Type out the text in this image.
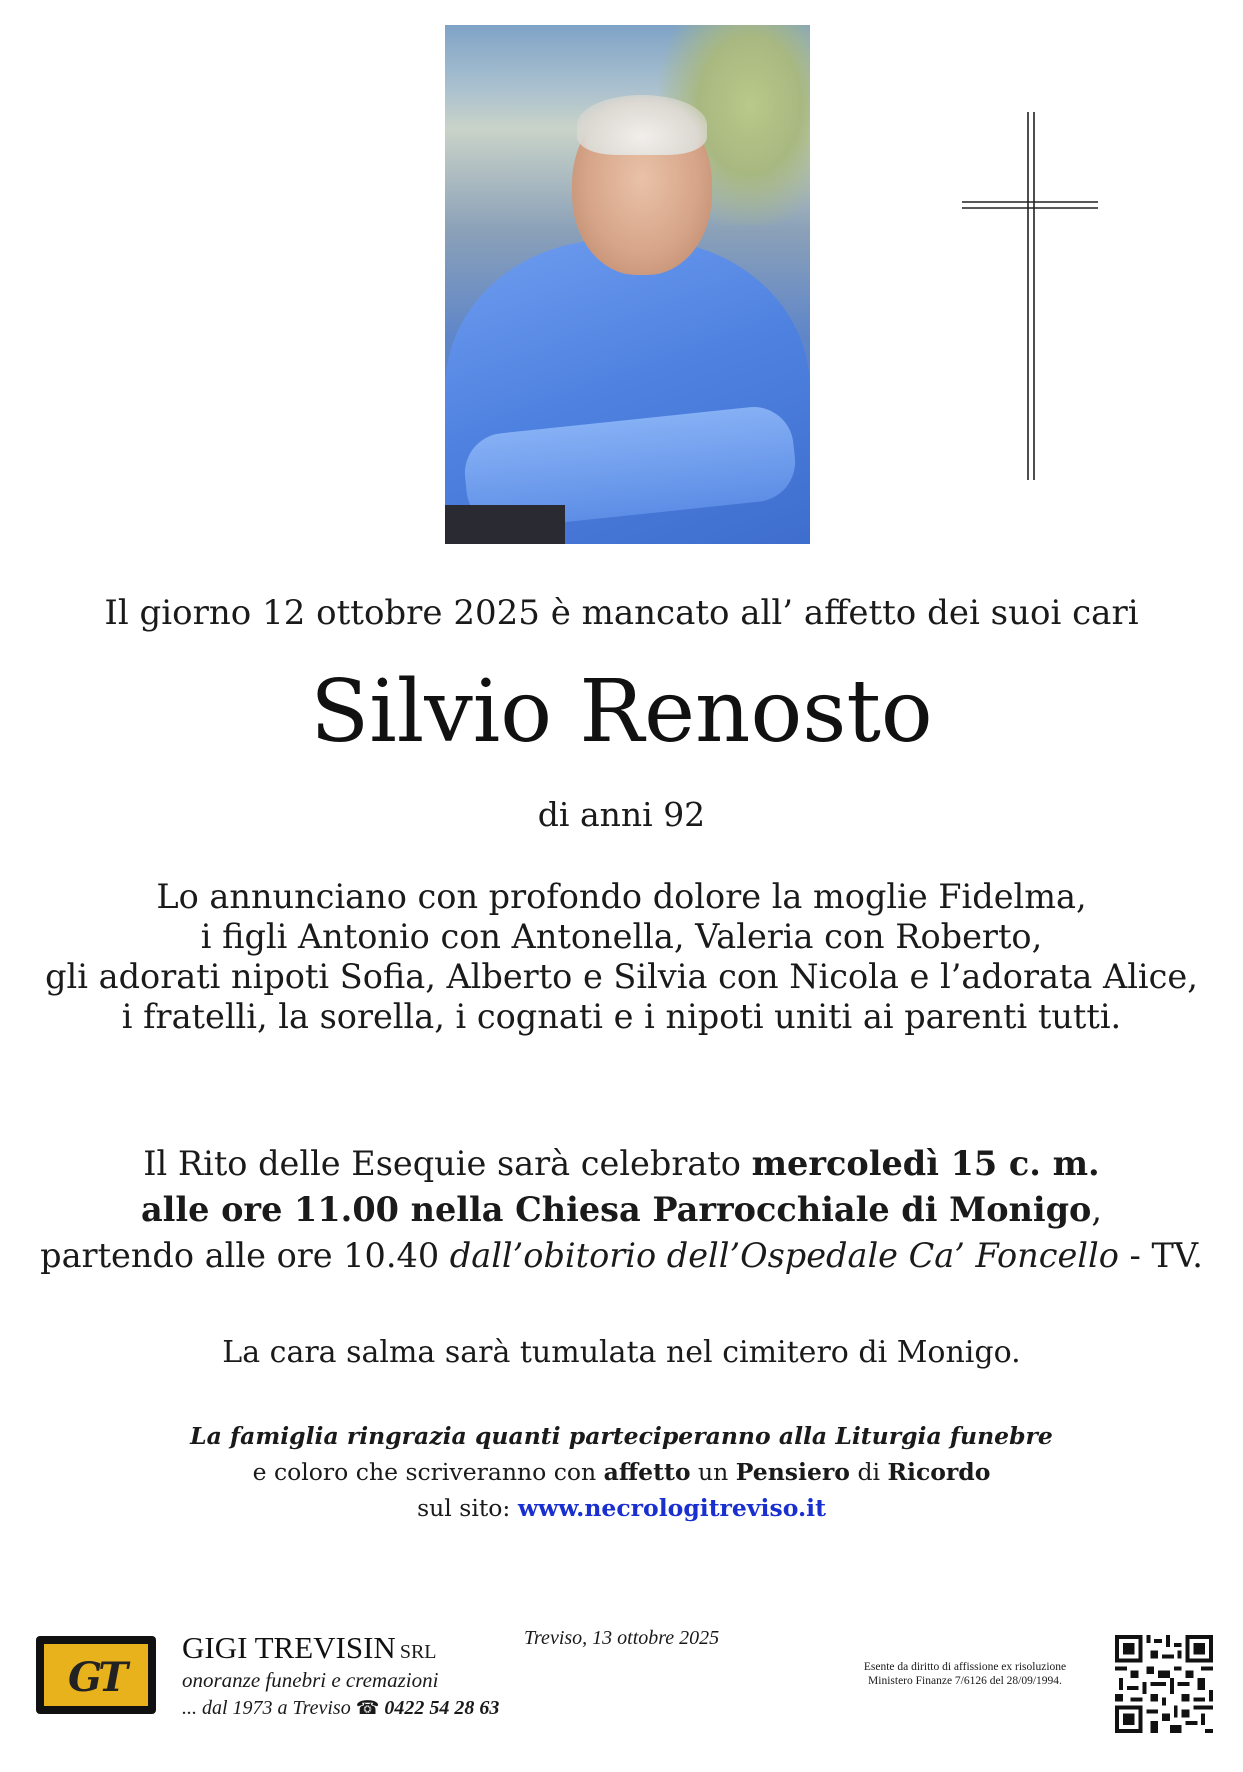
Il giorno 12 ottobre 2025 è mancato all’ affetto dei suoi cari

Silvio Renosto

di anni 92

Lo annunciano con profondo dolore la moglie Fidelma,
i figli Antonio con Antonella, Valeria con Roberto,
gli adorati nipoti Sofia, Alberto e Silvia con Nicola e l’adorata Alice,
i fratelli, la sorella, i cognati e i nipoti uniti ai parenti tutti.
Il Rito delle Esequie sarà celebrato mercoledì 15 c. m.
alle ore 11.00 nella Chiesa Parrocchiale di Monigo,
partendo alle ore 10.40 dall’obitorio dell’Ospedale Ca’ Foncello - TV.

La cara salma sarà tumulata nel cimitero di Monigo.

La famiglia ringrazia quanti parteciperanno alla Liturgia funebre
e coloro che scriveranno con affetto un Pensiero di Ricordo
sul sito: www.necrologitreviso.it
GT
GIGI TREVISIN SRL
onoranze funebri e cremazioni
... dal 1973 a Treviso ☎ 0422 54 28 63
Treviso, 13 ottobre 2025
Esente da diritto di affissione ex risoluzione
Ministero Finanze 7/6126 del 28/09/1994.
